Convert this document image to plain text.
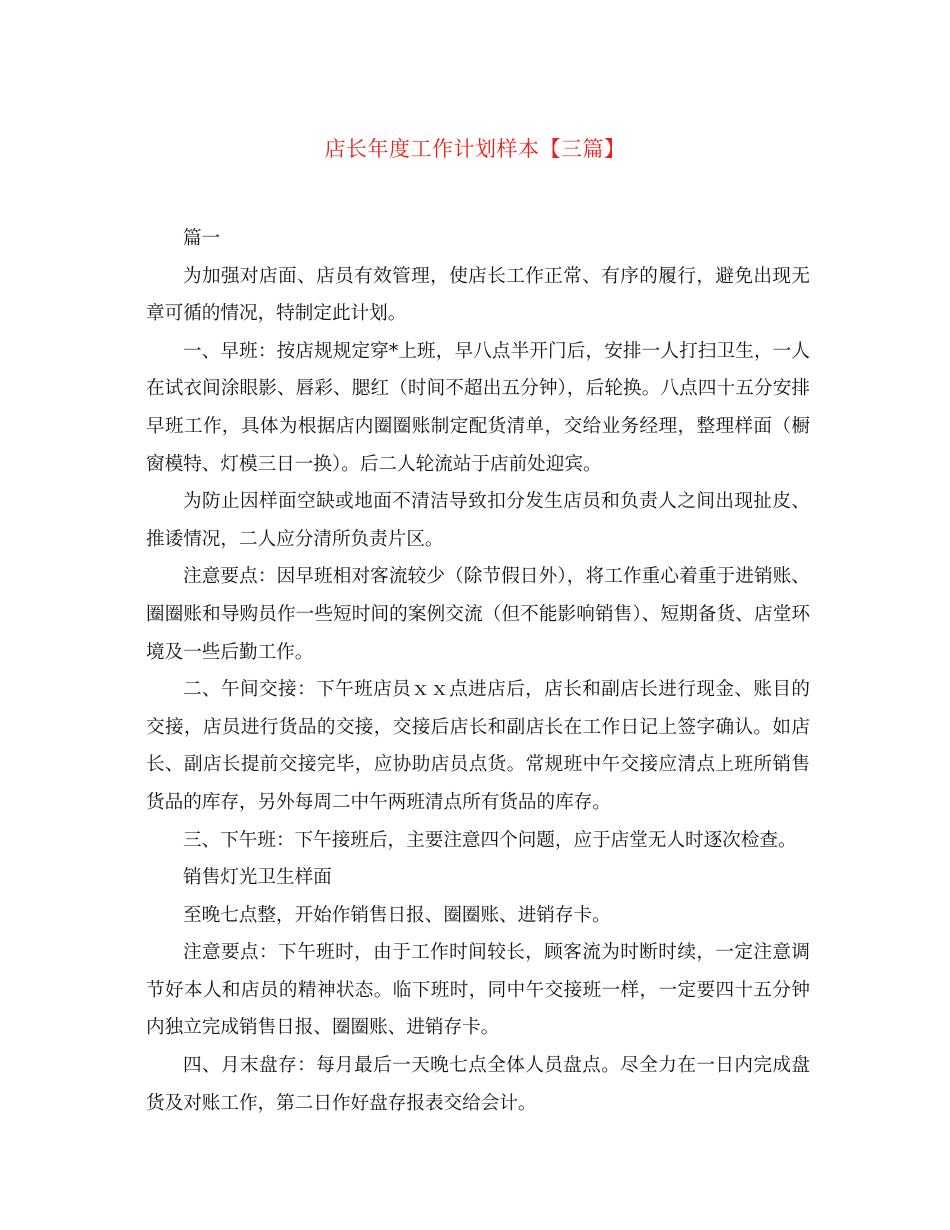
店长年度工作计划样本【三篇】

篇一

为加强对店面、店员有效管理，使店长工作正常、有序的履行，避免出现无章可循的情况，特制定此计划。

一、早班：按店规规定穿*上班，早八点半开门后，安排一人打扫卫生，一人在试衣间涂眼影、唇彩、腮红（时间不超出五分钟），后轮换。八点四十五分安排早班工作，具体为根据店内圈圈账制定配货清单，交给业务经理，整理样面（橱窗模特、灯模三日一换）。后二人轮流站于店前处迎宾。

为防止因样面空缺或地面不清洁导致扣分发生店员和负责人之间出现扯皮、推诿情况，二人应分清所负责片区。

注意要点：因早班相对客流较少（除节假日外），将工作重心着重于进销账、圈圈账和导购员作一些短时间的案例交流（但不能影响销售）、短期备货、店堂环境及一些后勤工作。

二、午间交接：下午班店员ｘｘ点进店后，店长和副店长进行现金、账目的交接，店员进行货品的交接，交接后店长和副店长在工作日记上签字确认。如店长、副店长提前交接完毕，应协助店员点货。常规班中午交接应清点上班所销售货品的库存，另外每周二中午两班清点所有货品的库存。

三、下午班：下午接班后，主要注意四个问题，应于店堂无人时逐次检查。

销售灯光卫生样面

至晚七点整，开始作销售日报、圈圈账、进销存卡。

注意要点：下午班时，由于工作时间较长，顾客流为时断时续，一定注意调节好本人和店员的精神状态。临下班时，同中午交接班一样，一定要四十五分钟内独立完成销售日报、圈圈账、进销存卡。

四、月末盘存：每月最后一天晚七点全体人员盘点。尽全力在一日内完成盘货及对账工作，第二日作好盘存报表交给会计。
